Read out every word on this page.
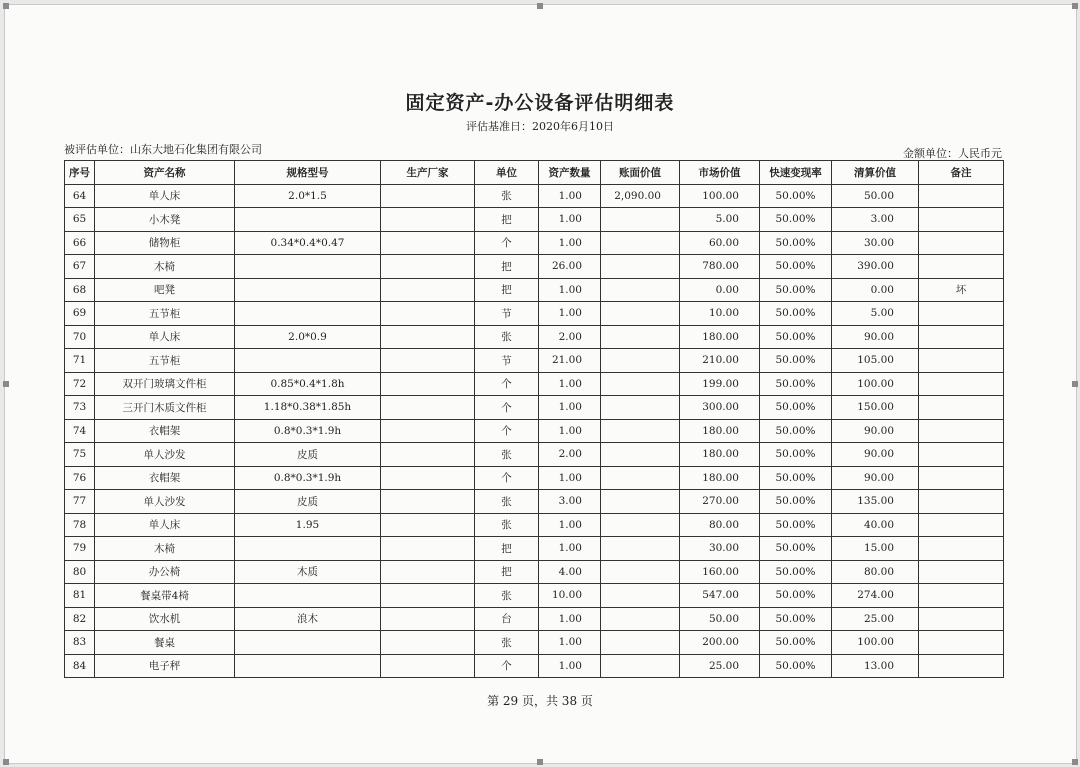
固定资产-办公设备评估明细表
评估基准日：2020年6月10日
被评估单位：山东大地石化集团有限公司	金额单位：人民币元
序号	资产名称	规格型号	生产厂家	单位	资产数量	账面价值	市场价值	快速变现率	清算价值	备注
64	单人床	2.0*1.5		张	1.00	2,090.00	100.00	50.00%	50.00	
65	小木凳			把	1.00		5.00	50.00%	3.00	
66	储物柜	0.34*0.4*0.47		个	1.00		60.00	50.00%	30.00	
67	木椅			把	26.00		780.00	50.00%	390.00	
68	吧凳			把	1.00		0.00	50.00%	0.00	坏
69	五节柜			节	1.00		10.00	50.00%	5.00	
70	单人床	2.0*0.9		张	2.00		180.00	50.00%	90.00	
71	五节柜			节	21.00		210.00	50.00%	105.00	
72	双开门玻璃文件柜	0.85*0.4*1.8h		个	1.00		199.00	50.00%	100.00	
73	三开门木质文件柜	1.18*0.38*1.85h		个	1.00		300.00	50.00%	150.00	
74	衣帽架	0.8*0.3*1.9h		个	1.00		180.00	50.00%	90.00	
75	单人沙发	皮质		张	2.00		180.00	50.00%	90.00	
76	衣帽架	0.8*0.3*1.9h		个	1.00		180.00	50.00%	90.00	
77	单人沙发	皮质		张	3.00		270.00	50.00%	135.00	
78	单人床	1.95		张	1.00		80.00	50.00%	40.00	
79	木椅			把	1.00		30.00	50.00%	15.00	
80	办公椅	木质		把	4.00		160.00	50.00%	80.00	
81	餐桌带4椅			张	10.00		547.00	50.00%	274.00	
82	饮水机	浪木		台	1.00		50.00	50.00%	25.00	
83	餐桌			张	1.00		200.00	50.00%	100.00	
84	电子秤			个	1.00		25.00	50.00%	13.00	
第 29 页，共 38 页
